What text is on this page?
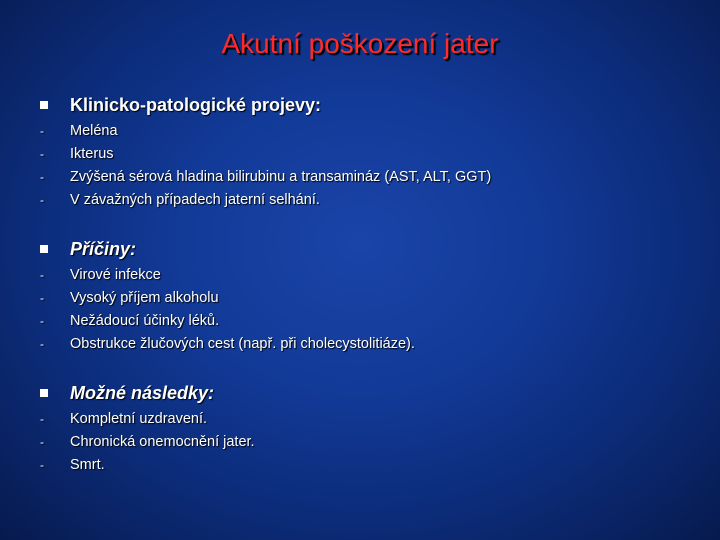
Akutní poškození jater
Klinicko-patologické projevy:
-	Meléna
-	Ikterus
-	Zvýšená sérová hladina bilirubinu a transamináz (AST, ALT, GGT)
-	V závažných případech jaterní selhání.
Příčiny:
-	Virové infekce
-	Vysoký příjem alkoholu
-	Nežádoucí účinky léků.
-	Obstrukce žlučových cest (např. při cholecystolitiáze).
Možné následky:
-	Kompletní uzdravení.
-	Chronická onemocnění jater.
-	Smrt.
